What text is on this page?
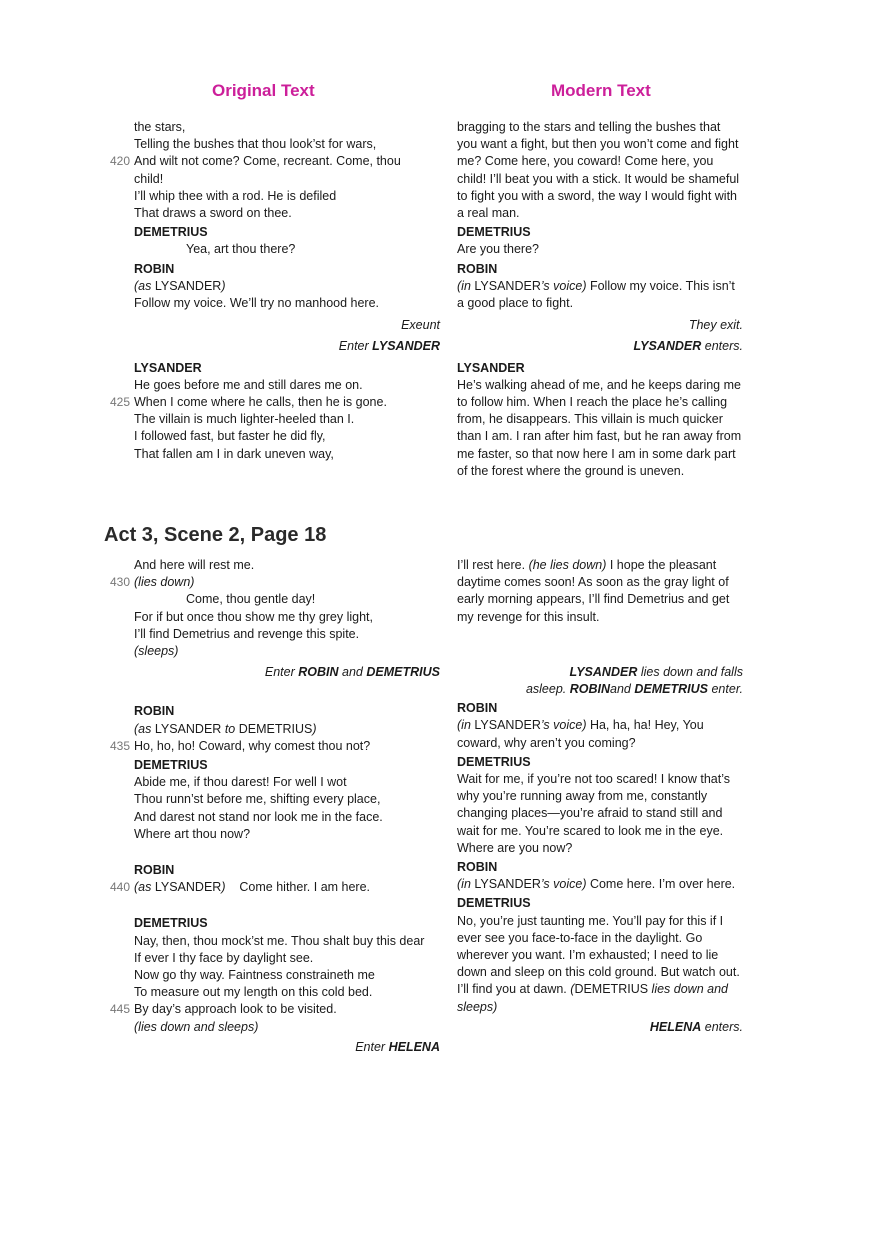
Original Text	Modern Text
the stars,
Telling the bushes that thou look’st for wars,
420 And wilt not come? Come, recreant. Come, thou
child!
I’ll whip thee with a rod. He is defiled
That draws a sword on thee.
DEMETRIUS
Yea, art thou there?
ROBIN
(as LYSANDER)
Follow my voice. We’ll try no manhood here.
Exeunt
Enter LYSANDER
LYSANDER
He goes before me and still dares me on.
425 When I come where he calls, then he is gone.
The villain is much lighter-heeled than I.
I followed fast, but faster he did fly,
That fallen am I in dark uneven way,
bragging to the stars and telling the bushes that you want a fight, but then you won’t come and fight me? Come here, you coward! Come here, you child! I’ll beat you with a stick. It would be shameful to fight you with a sword, the way I would fight with a real man.
DEMETRIUS
Are you there?
ROBIN
(in LYSANDER’s voice) Follow my voice. This isn’t a good place to fight.
They exit.
LYSANDER enters.
LYSANDER
He’s walking ahead of me, and he keeps daring me to follow him. When I reach the place he’s calling from, he disappears. This villain is much quicker than I am. I ran after him fast, but he ran away from me faster, so that now here I am in some dark part of the forest where the ground is uneven.
Act 3, Scene 2, Page 18
And here will rest me.
430 (lies down)
Come, thou gentle day!
For if but once thou show me thy grey light,
I’ll find Demetrius and revenge this spite.
(sleeps)
Enter ROBIN and DEMETRIUS
ROBIN
(as LYSANDER to DEMETRIUS)
435 Ho, ho, ho! Coward, why comest thou not?
DEMETRIUS
Abide me, if thou darest! For well I wot
Thou runn’st before me, shifting every place,
And darest not stand nor look me in the face.
Where art thou now?
ROBIN
440 (as LYSANDER) Come hither. I am here.
DEMETRIUS
Nay, then, thou mock’st me. Thou shalt buy this dear
If ever I thy face by daylight see.
Now go thy way. Faintness constraineth me
To measure out my length on this cold bed.
445 By day’s approach look to be visited.
(lies down and sleeps)
Enter HELENA
I’ll rest here. (he lies down) I hope the pleasant daytime comes soon! As soon as the gray light of early morning appears, I’ll find Demetrius and get my revenge for this insult.
LYSANDER lies down and falls
asleep. ROBINand DEMETRIUS enter.
ROBIN
(in LYSANDER’s voice) Ha, ha, ha! Hey, You coward, why aren’t you coming?
DEMETRIUS
Wait for me, if you’re not too scared! I know that’s why you’re running away from me, constantly changing places—you’re afraid to stand still and wait for me. You’re scared to look me in the eye. Where are you now?
ROBIN
(in LYSANDER’s voice) Come here. I’m over here.
DEMETRIUS
No, you’re just taunting me. You’ll pay for this if I ever see you face-to-face in the daylight. Go wherever you want. I’m exhausted; I need to lie down and sleep on this cold ground. But watch out. I’ll find you at dawn. (DEMETRIUS lies down and sleeps)
HELENA enters.
